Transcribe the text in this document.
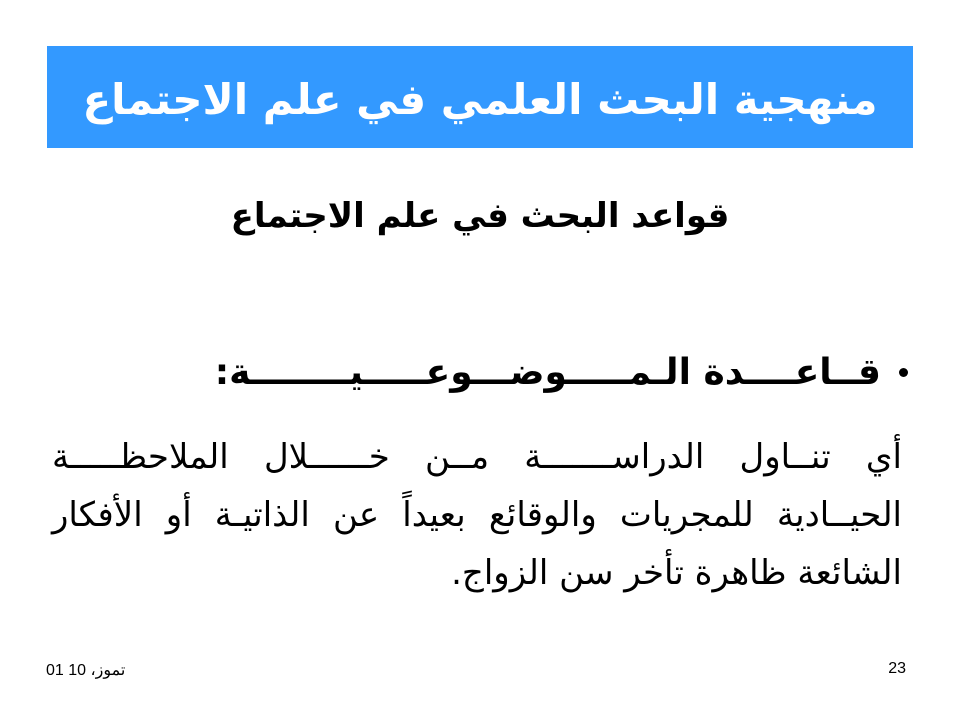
منهجية البحث العلمي في علم الاجتماع
قواعد البحث في علم الاجتماع
قــاعــــدة الـمـــــوضـــوعـــــيــــــــة:
أي تنــاول الدراســـــــة مــن خــــــلال الملاحظـــــة الحيــادية للمجريات والوقائع بعيداً عن الذاتيـة أو الأفكار الشائعة ظاهرة تأخر سن الزواج.
01 تموز، 10	23
